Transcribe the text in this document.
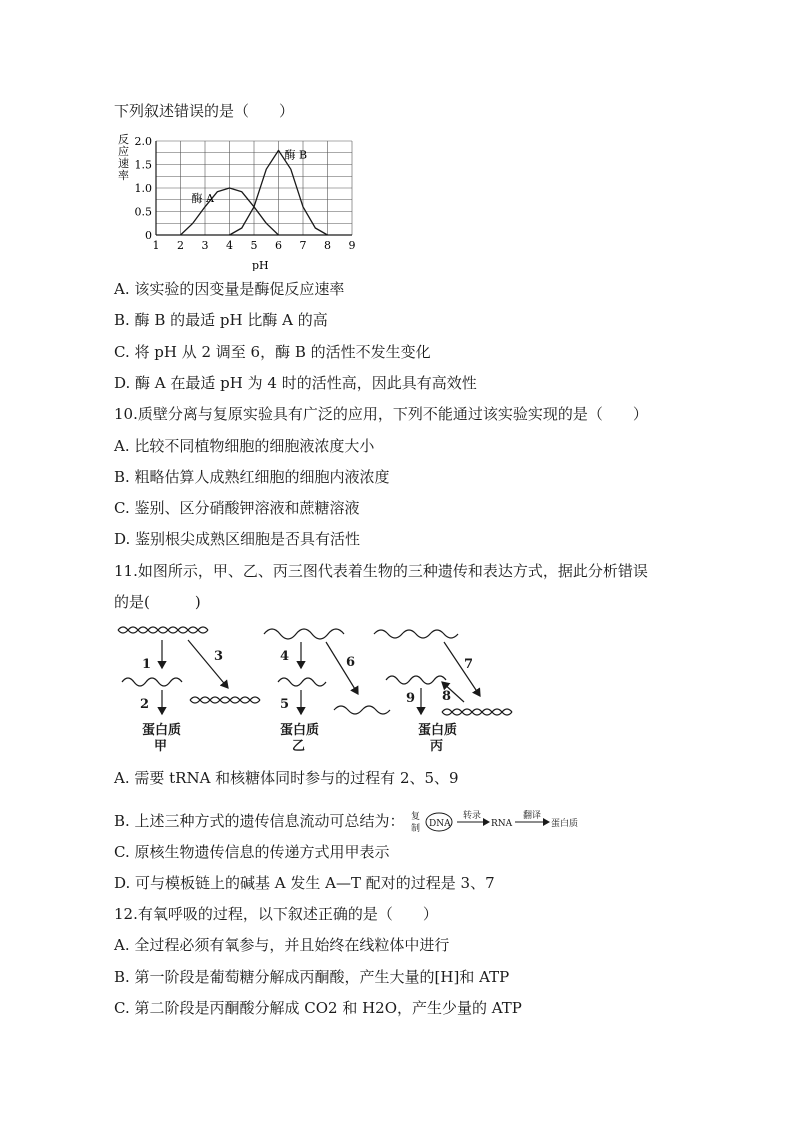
下列叙述错误的是（　　）
反
应
速
率
pH
0
0.5
1.0
1.5
2.0
1 2 3 4 5 6 7 8 9
酶 A
酶 B
A. 该实验的因变量是酶促反应速率
B. 酶 B 的最适 pH 比酶 A 的高
C. 将 pH 从 2 调至 6，酶 B 的活性不发生变化
D. 酶 A 在最适 pH 为 4 时的活性高，因此具有高效性
10.质壁分离与复原实验具有广泛的应用，下列不能通过该实验实现的是（　　）
A. 比较不同植物细胞的细胞液浓度大小
B. 粗略估算人成熟红细胞的细胞内液浓度
C. 鉴别、区分硝酸钾溶液和蔗糖溶液
D. 鉴别根尖成熟区细胞是否具有活性
11.如图所示，甲、乙、丙三图代表着生物的三种遗传和表达方式，据此分析错误
的是(　　　)
1
2
3	4
5
6	7
8
9
蛋白质
甲
蛋白质
乙
蛋白质
丙
A. 需要 tRNA 和核糖体同时参与的过程有 2、5、9
B. 上述三种方式的遗传信息流动可总结为： 复
制 DNA
转录
RNA
翻译
蛋白质
C. 原核生物遗传信息的传递方式用甲表示
D. 可与模板链上的碱基 A 发生 A—T 配对的过程是 3、7
12.有氧呼吸的过程，以下叙述正确的是（　　）
A. 全过程必须有氧参与，并且始终在线粒体中进行
B. 第一阶段是葡萄糖分解成丙酮酸，产生大量的[H]和 ATP
C. 第二阶段是丙酮酸分解成 CO2 和 H2O，产生少量的 ATP
